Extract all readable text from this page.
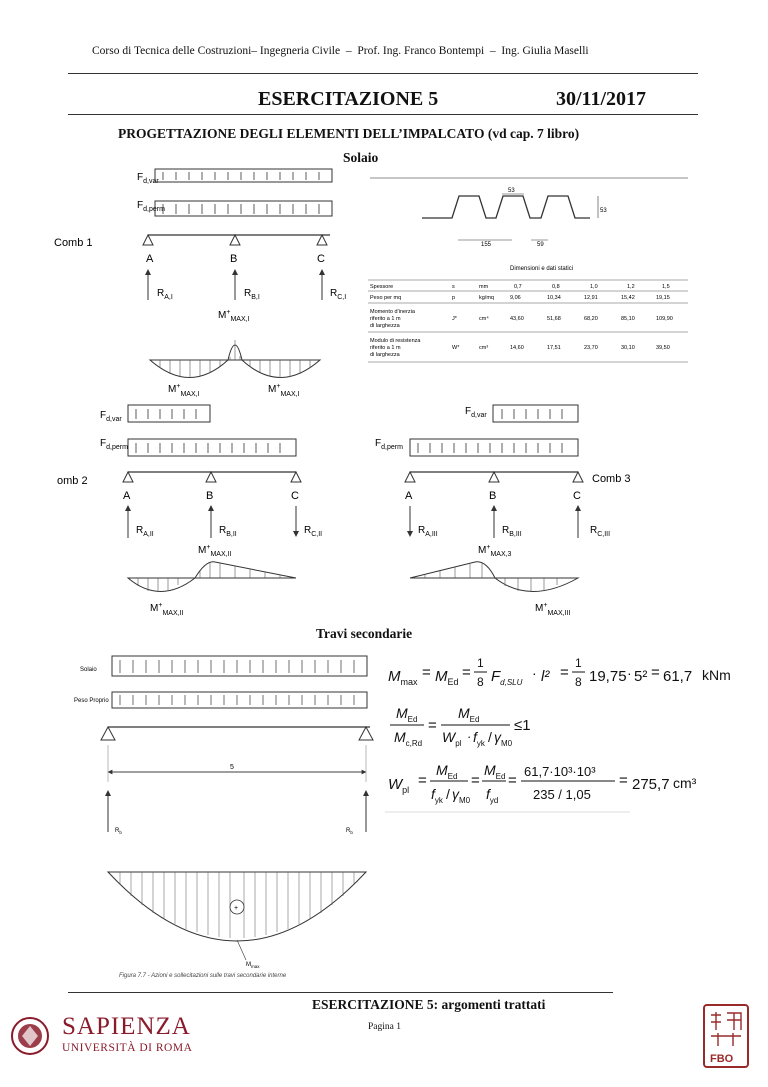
Corso di Tecnica delle Costruzioni– Ingegneria Civile – Prof. Ing. Franco Bontempi – Ing. Giulia Maselli
ESERCITAZIONE 5	30/11/2017
PROGETTAZIONE DEGLI ELEMENTI DELL’IMPALCATO (vd cap. 7 libro)
Solaio
$F_{d,var}$
$F_{d,perm}$
Comb 1
A	B	C
$R_{A,I}$	$R_{B,I}$	$R_{C,I}$
$M^+_{MAX,I}$
$M^+_{MAX,I}$	$M^+_{MAX,I}$
53
53
155	59
Dimensioni e dati statici
Spessore	s	mm	0,7	0,8	1,0	1,2	1,5
Peso per mq	p	kg/mq	9,06	10,34	12,91	15,42	19,15
Momento d’inerzia
riferito a 1 m
di larghezza
J*	cm⁴	43,60	51,68	68,20	85,10	109,90
Modulo di resistenza
riferito a 1 m
di larghezza
W*	cm³	14,60	17,51	23,70	30,10	39,50
$F_{d,var}$
$F_{d,perm}$
omb 2
A	B	C
$R_{A,II}$	$R_{B,II}$	$R_{C,II}$
$M^+_{MAX,II}$
$M^+_{MAX,II}$
$F_{d,var}$
$F_{d,perm}$
Comb 3
A	B	C
$R_{A,III}$	$R_{B,III}$	$R_{C,III}$
$M^+_{MAX,3}$
$M^+_{MAX,III}$
Solaio
Peso Proprio
5
$R_b$	$R_b$
+
$M_{max}$
Figura 7.7 - Azioni e sollecitazioni sulle travi secondarie interne
$M_{max}$
= $M_{Ed}$
=
1
8 $F_{d,SLU}$
· l² =
1
8 19,75 · 5² = 61,7 kNm
$M_{Ed}$
$M_{c,Rd}$
=
$M_{Ed}$
$W_{pl} \cdot f_{yk} / \gamma_{M0}$
≤1
$W_{pl}$
=
$M_{Ed}$
$f_{yk} / \gamma_{M0}$
=
$M_{Ed}$
$f_{yd}$
=
61,7·10³·10³
235 / 1,05
= 275,7 cm³
FBO
Travi secondarie
ESERCITAZIONE 5: argomenti trattati
Pagina 1
SAPIENZA
UNIVERSITÀ DI ROMA
